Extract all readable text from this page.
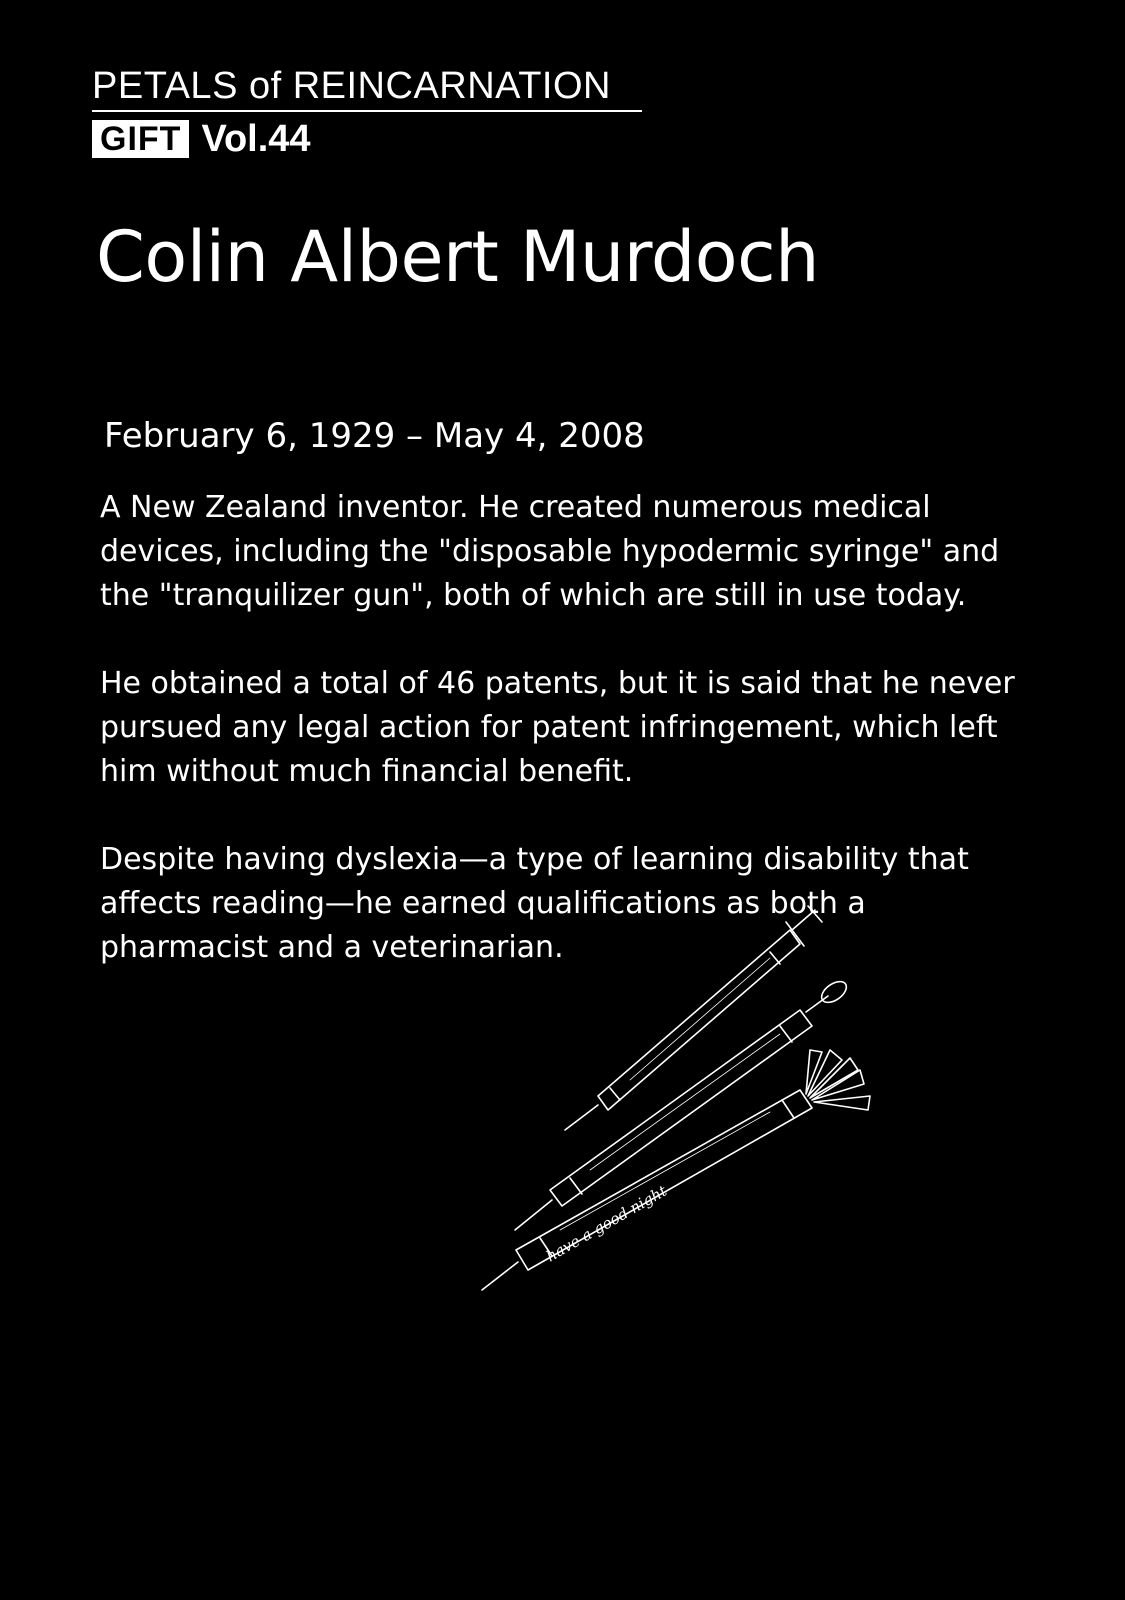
PETALS of REINCARNATION
GIFT Vol.44
Colin Albert Murdoch
February 6, 1929 – May 4, 2008

A New Zealand inventor. He created numerous medical devices, including the "disposable hypodermic syringe" and the "tranquilizer gun", both of which are still in use today.

He obtained a total of 46 patents, but it is said that he never pursued any legal action for patent infringement, which left him without much financial benefit.

Despite having dyslexia—a type of learning disability that affects reading—he earned qualifications as both a pharmacist and a veterinarian.

have a good night
